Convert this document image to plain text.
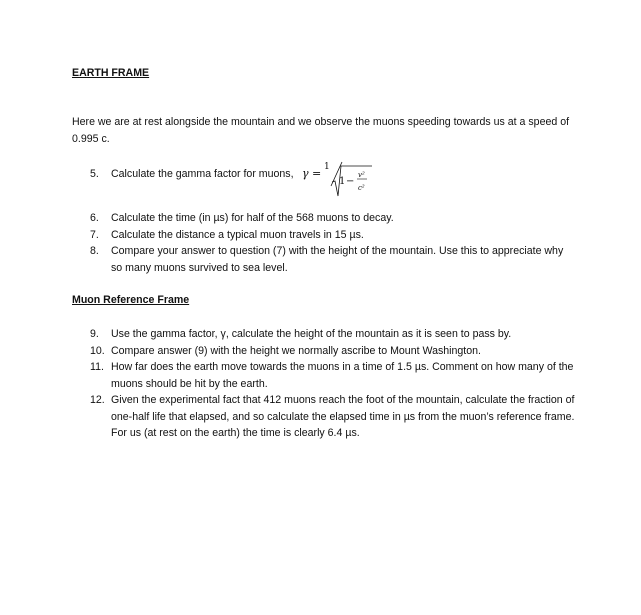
EARTH FRAME
Here we are at rest alongside the mountain and we observe the muons speeding towards us at a speed of 0.995 c.
5. Calculate the gamma factor for muons, γ = 1
1 −
v²
c²
6. Calculate the time (in µs) for half of the 568 muons to decay.
7. Calculate the distance a typical muon travels in 15 µs.
8. Compare your answer to question (7) with the height of the mountain. Use this to appreciate why so many muons survived to sea level.
Muon Reference Frame
9. Use the gamma factor, γ, calculate the height of the mountain as it is seen to pass by.
10. Compare answer (9) with the height we normally ascribe to Mount Washington.
11. How far does the earth move towards the muons in a time of 1.5 µs. Comment on how many of the muons should be hit by the earth.
12. Given the experimental fact that 412 muons reach the foot of the mountain, calculate the fraction of one-half life that elapsed, and so calculate the elapsed time in µs from the muon’s reference frame. For us (at rest on the earth) the time is clearly 6.4 µs.
